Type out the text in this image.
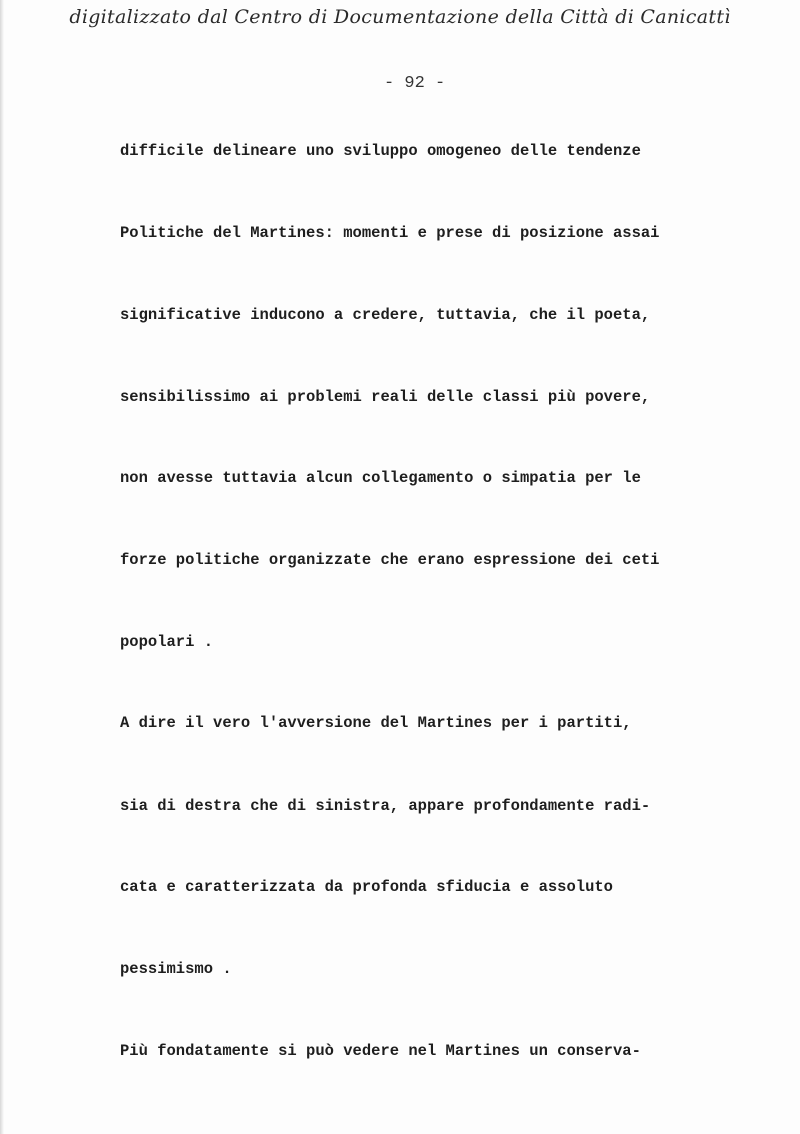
digitalizzato dal Centro di Documentazione della Città di Canicattì
- 92 -
difficile delineare uno sviluppo omogeneo delle tendenze
Politiche del Martines: momenti e prese di posizione assai
significative inducono a credere, tuttavia, che il poeta,
sensibilissimo ai problemi reali delle classi più povere,
non avesse tuttavia alcun collegamento o simpatia per le
forze politiche organizzate che erano espressione dei ceti
popolari .
A dire il vero l'avversione del Martines per i partiti,
sia di destra che di sinistra, appare profondamente radi-
cata e caratterizzata da profonda sfiducia e assoluto
pessimismo .
Più fondatamente si può vedere nel Martines un conserva-
